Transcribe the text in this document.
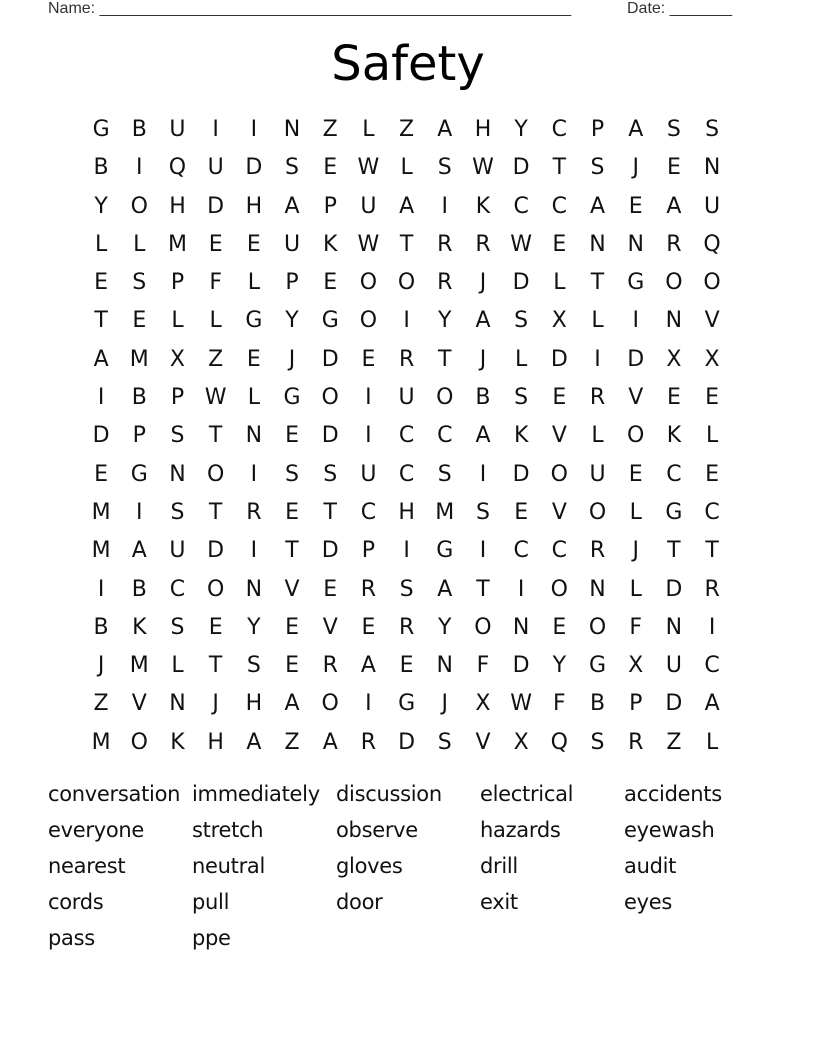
Name: _____________________________________________________	Date: _______
Safety
G	B	U	I	I	N	Z	L	Z	A	H	Y	C	P	A	S	S
B	I	Q U D	S	E W L	S W D	T	S	J	E	N
Y	O H D H	A	P	U	A	I	K	C	C	A	E	A	U
L	L	M E	E	U	K W T	R	R W E	N N	R Q
E	S	P	F	L	P	E	O O R	J	D	L	T	G O O
T	E	L	L	G	Y	G O	I	Y	A	S	X	L	I	N	V
A M X	Z	E	J	D	E	R	T	J	L	D	I	D	X	X
I	B	P W L	G O	I	U O B	S	E	R	V	E	E
D	P	S	T	N	E	D	I	C	C	A	K	V	L	O	K	L
E	G N O	I	S	S	U	C	S	I	D O U	E	C	E
M	I	S	T	R	E	T	C	H M S	E	V O	L	G C
M A	U D	I	T	D	P	I	G	I	C	C	R	J	T	T
I	B	C O N	V	E	R	S	A	T	I	O N	L	D	R
B	K	S	E	Y	E	V	E	R	Y	O N	E	O	F	N	I
J	M	L	T	S	E	R	A	E	N	F	D	Y	G	X	U	C
Z	V	N	J	H	A O	I	G	J	X W F	B	P	D	A
M O	K	H	A	Z	A	R	D	S	V	X Q	S	R	Z	L
conversation immediately discussion	electrical	accidents
everyone	stretch	observe	hazards	eyewash
nearest	neutral	gloves	drill	audit
cords	pull	door	exit	eyes
pass	ppe
